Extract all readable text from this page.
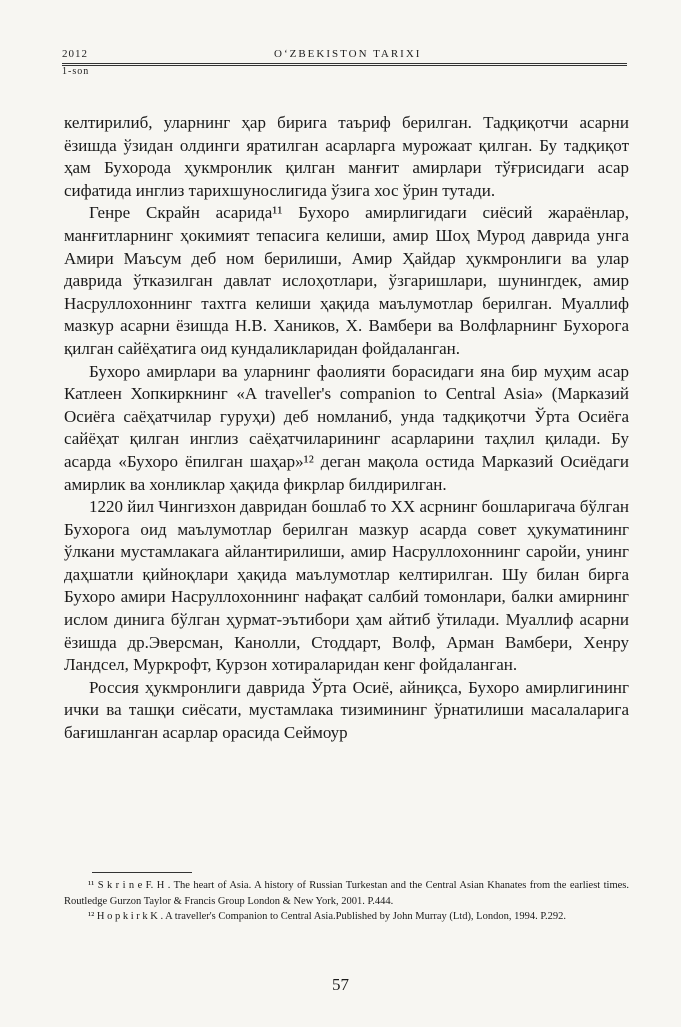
2012	O‘ZBEKISTON TARIXI
1-son

келтирилиб, уларнинг ҳар бирига таъриф берилган. Тадқиқотчи асарни ёзишда ўзидан олдинги яратилган асарларга мурожаат қилган. Бу тадқиқот ҳам Бухорода ҳукмронлик қилган манғит амирлари тўғрисидаги асар сифатида инглиз тарихшунослигида ўзига хос ўрин тутади.

Генре Скрайн асарида¹¹ Бухоро амирлигидаги сиёсий жараёнлар, манғитларнинг ҳокимият тепасига келиши, амир Шоҳ Мурод даврида унга Амири Маъсум деб ном берилиши, Амир Ҳайдар ҳукмронлиги ва улар даврида ўтказилган давлат ислоҳотлари, ўзгаришлари, шунингдек, амир Насруллохоннинг тахтга келиши ҳақида маълумотлар берилган. Муаллиф мазкур асарни ёзишда Н.В. Хаников, Х. Вамбери ва Волфларнинг Бухорога қилган сайёҳатига оид кундаликларидан фойдаланган.

Бухоро амирлари ва уларнинг фаолияти борасидаги яна бир муҳим асар Катлеен Хопкиркнинг «A traveller's companion to Central Asia» (Марказий Осиёга саёҳатчилар гуруҳи) деб номланиб, унда тадқиқотчи Ўрта Осиёга сайёҳат қилган инглиз саёҳатчиларининг асарларини таҳлил қилади. Бу асарда «Бухоро ёпилган шаҳар»¹² деган мақола остида Марказий Осиёдаги амирлик ва хонликлар ҳақида фикрлар билдирилган.

1220 йил Чингизхон давридан бошлаб то XX асрнинг бошларигача бўлган Бухорога оид маълумотлар берилган мазкур асарда совет ҳукуматининг ўлкани мустамлакага айлантирилиши, амир Насруллохоннинг саройи, унинг даҳшатли қийноқлари ҳақида маълумотлар келтирилган. Шу билан бирга Бухоро амири Насруллохоннинг нафақат салбий томонлари, балки амирнинг ислом динига бўлган ҳурмат-эътибори ҳам айтиб ўтилади. Муаллиф асарни ёзишда др.Эверсман, Канолли, Стоддарт, Волф, Арман Вамбери, Хенру Ландсел, Муркрофт, Курзон хотираларидан кенг фойдаланган.

Россия ҳукмронлиги даврида Ўрта Осиё, айниқса, Бухоро амирлигининг ички ва ташқи сиёсати, мустамлака тизимининг ўрнатилиши масалаларига бағишланган асарлар орасида Сеймоур

¹¹ S k r i n e F. H . The heart of Asia. A history of Russian Turkestan and the Central Asian Khanates from the earliest times. Routledge Gurzon Taylor & Francis Group London & New York, 2001. P.444.

¹² H o p k i r k K . A traveller's Companion to Central Asia.Published by John Murray (Ltd), London, 1994. P.292.

57
